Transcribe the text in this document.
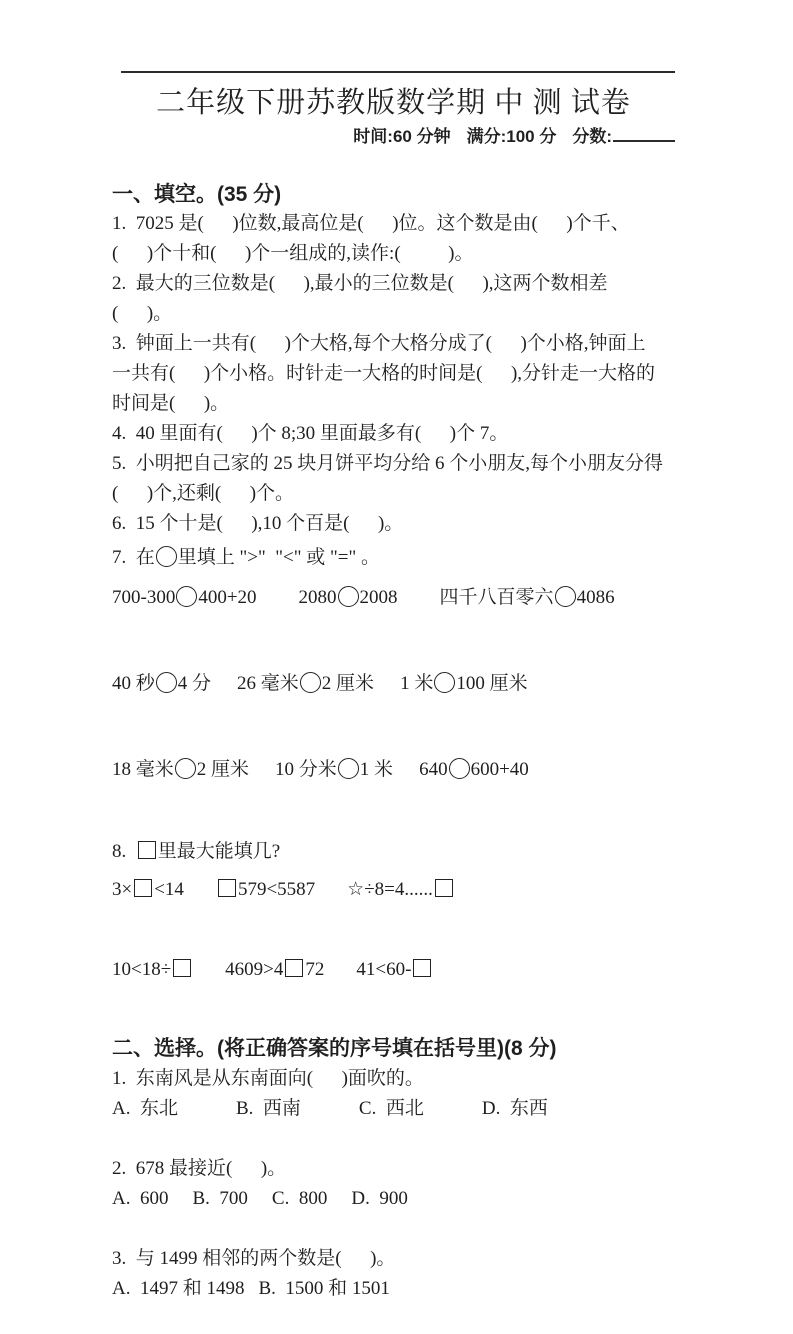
二年级下册苏教版数学期 中 测 试卷
时间:60 分钟 满分:100 分 分数:

一、填空。(35 分)
1.  7025 是(      )位数,最高位是(      )位。这个数是由(      )个千、
(      )个十和(      )个一组成的,读作:(          )。
2.  最大的三位数是(      ),最小的三位数是(      ),这两个数相差
(      )。
3.  钟面上一共有(      )个大格,每个大格分成了(      )个小格,钟面上
一共有(      )个小格。时针走一大格的时间是(      ),分针走一大格的
时间是(      )。
4.  40 里面有(      )个 8;30 里面最多有(      )个 7。
5.  小明把自己家的 25 块月饼平均分给 6 个小朋友,每个小朋友分得
(      )个,还剩(      )个。
6.  15 个十是(      ),10 个百是(      )。
7.  在 里填上 ">"  "<" 或 "=" 。
700-300 400+20 2080 2008 四千八百零六 4086

40 秒 4 分 26 毫米 2 厘米 1 米 100 厘米

18 毫米 2 厘米 10 分米 1 米 640 600+40

8.  里最大能填几?
3× <14	579<5587 ☆÷8=4......

10<18÷	4609>4 72 41<60-

二、选择。(将正确答案的序号填在括号里)(8 分)
1.  东南风是从东南面向(      )面吹的。
A.  东北	B.  西南	C.  西北	D.  东西

2.  678 最接近(      )。
A.  600 B.  700 C.  800 D.  900

3.  与 1499 相邻的两个数是(      )。
A.  1497 和 1498 B.  1500 和 1501
